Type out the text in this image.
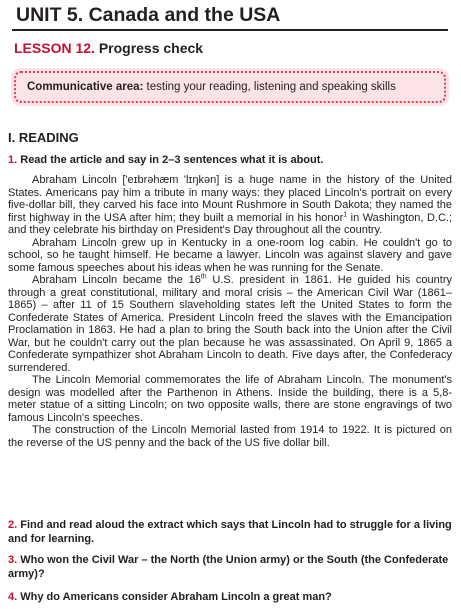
UNIT 5. Canada and the USA
LESSON 12. Progress check
Communicative area: testing your reading, listening and speaking skills
I. READING
1. Read the article and say in 2–3 sentences what it is about.

Abraham Lincoln ['eɪbrəhæm 'lɪŋkən] is a huge name in the history of the United States. Americans pay him a tribute in many ways: they placed Lincoln's portrait on every five-dollar bill, they carved his face into Mount Rushmore in South Dakota; they named the first highway in the USA after him; they built a memorial in his honor$^1$ in Washington, D.C.; and they celebrate his birthday on President's Day throughout all the country.

Abraham Lincoln grew up in Kentucky in a one-room log cabin. He couldn't go to school, so he taught himself. He became a lawyer. Lincoln was against slavery and gave some famous speeches about his ideas when he was running for the Senate.

Abraham Lincoln became the 16th U.S. president in 1861. He guided his country through a great constitutional, military and moral crisis – the American Civil War (1861–1865) – after 11 of 15 Southern slaveholding states left the United States to form the Confederate States of America. President Lincoln freed the slaves with the Emancipation Proclamation in 1863. He had a plan to bring the South back into the Union after the Civil War, but he couldn't carry out the plan because he was assassinated. On April 9, 1865 a Confederate sympathizer shot Abraham Lincoln to death. Five days after, the Confederacy surrendered.

The Lincoln Memorial commemorates the life of Abraham Lincoln. The monument's design was modelled after the Parthenon in Athens. Inside the building, there is a 5,8-meter statue of a sitting Lincoln; on two opposite walls, there are stone engravings of two famous Lincoln's speeches.

The construction of the Lincoln Memorial lasted from 1914 to 1922. It is pictured on the reverse of the US penny and the back of the US five dollar bill.

2. Find and read aloud the extract which says that Lincoln had to struggle for a living and for learning.
3. Who won the Civil War – the North (the Union army) or the South (the Confederate army)?
4. Why do Americans consider Abraham Lincoln a great man?
